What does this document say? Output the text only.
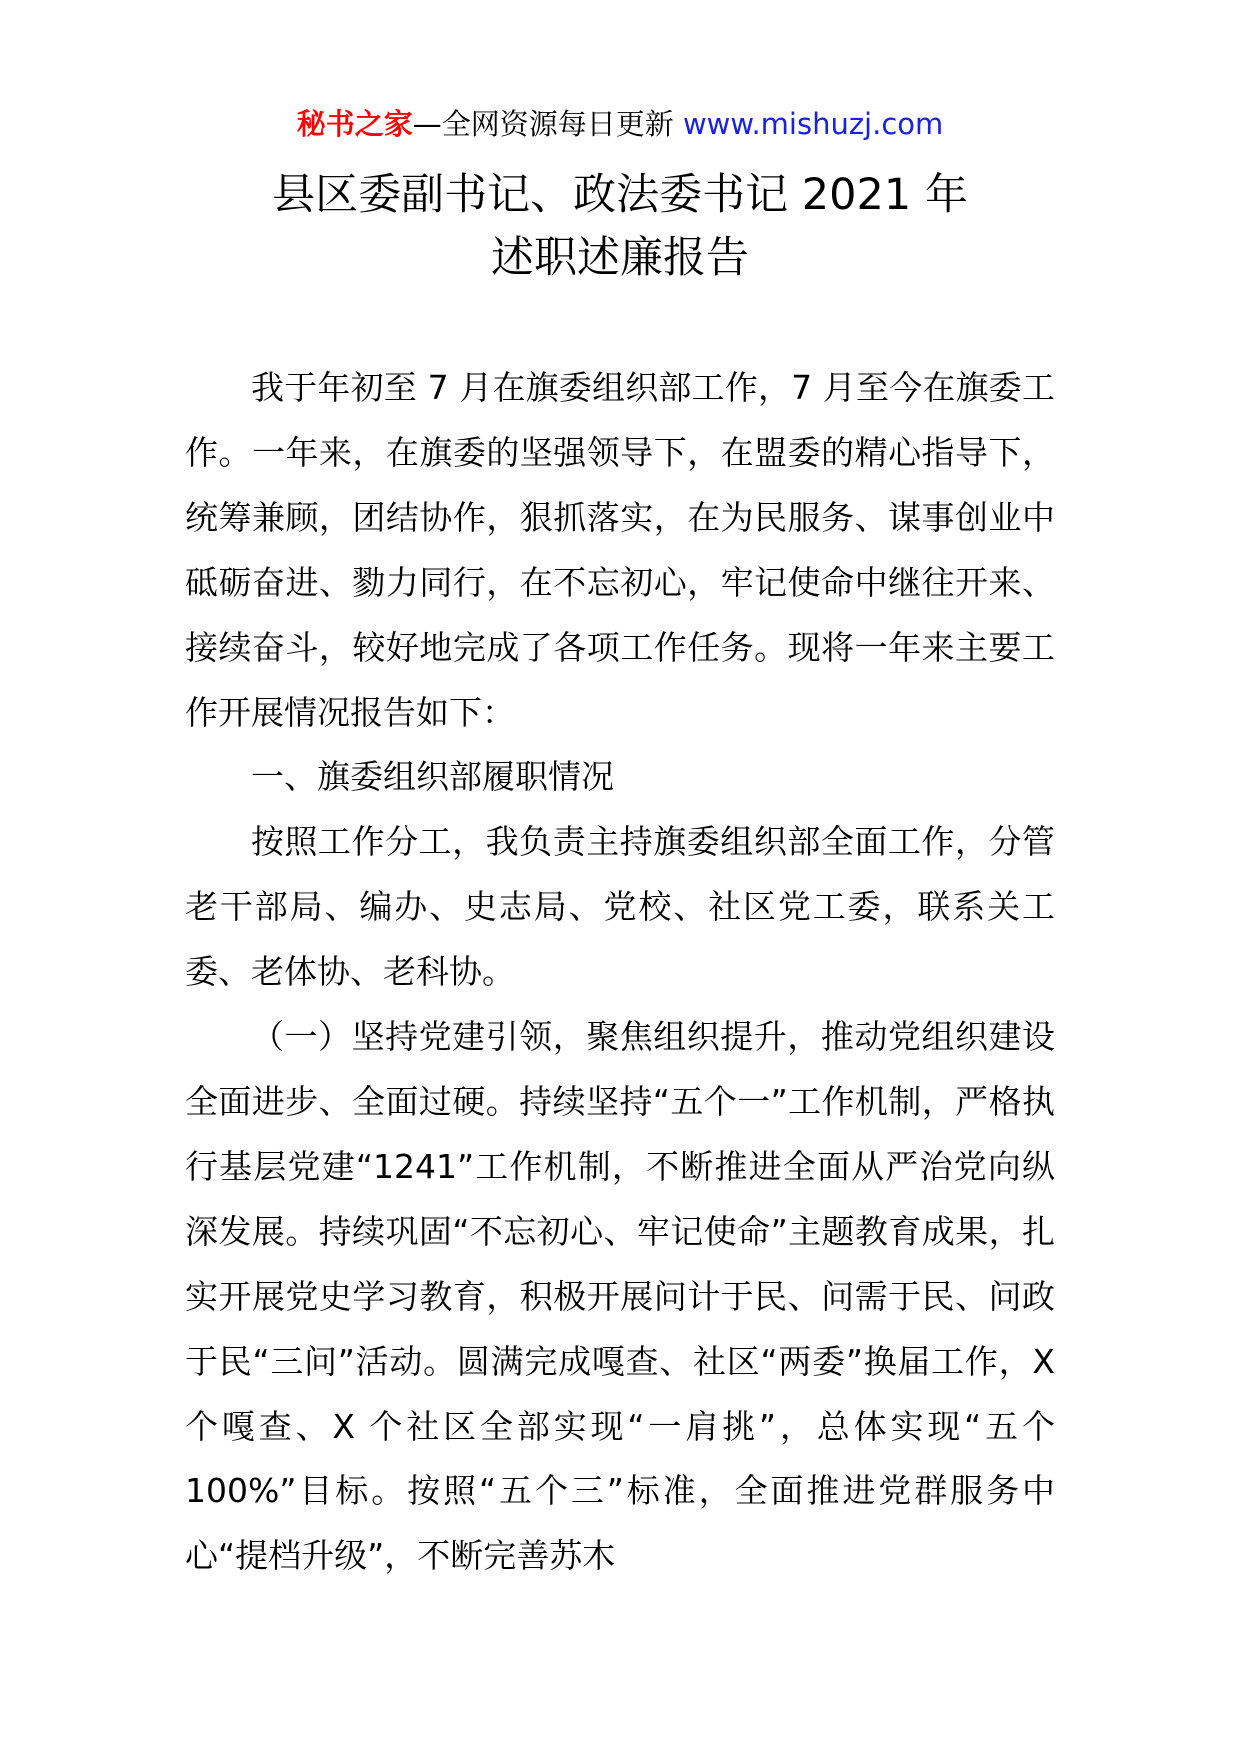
秘书之家—全网资源每日更新 www.mishuzj.com
县区委副书记、政法委书记 2021 年
述职述廉报告

我于年初至 7 月在旗委组织部工作，7 月至今在旗委工作。一年来，在旗委的坚强领导下，在盟委的精心指导下，统筹兼顾，团结协作，狠抓落实，在为民服务、谋事创业中砥砺奋进、勠力同行，在不忘初心，牢记使命中继往开来、接续奋斗，较好地完成了各项工作任务。现将一年来主要工作开展情况报告如下：

一、旗委组织部履职情况

按照工作分工，我负责主持旗委组织部全面工作，分管老干部局、编办、史志局、党校、社区党工委，联系关工委、老体协、老科协。

（一）坚持党建引领，聚焦组织提升，推动党组织建设全面进步、全面过硬。持续坚持“五个一”工作机制，严格执行基层党建“1241”工作机制，不断推进全面从严治党向纵深发展。持续巩固“不忘初心、牢记使命”主题教育成果，扎实开展党史学习教育，积极开展问计于民、问需于民、问政于民“三问”活动。圆满完成嘎查、社区“两委”换届工作，X 个嘎查、X 个社区全部实现“一肩挑”，总体实现“五个 100%”目标。按照“五个三”标准，全面推进党群服务中心“提档升级”，不断完善苏木
